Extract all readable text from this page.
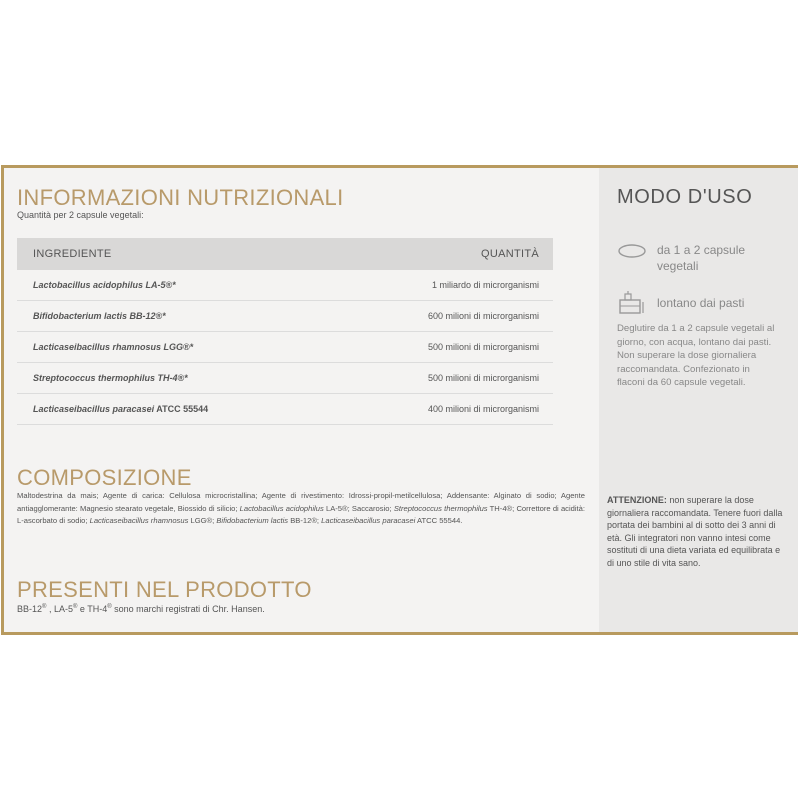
INFORMAZIONI NUTRIZIONALI

Quantità per 2 capsule vegetali:

INGREDIENTE	QUANTITÀ
Lactobacillus acidophilus LA-5®*	1 miliardo di microrganismi
Bifidobacterium lactis BB-12®*	600 milioni di microrganismi
Lacticaseibacillus rhamnosus LGG®*	500 milioni di microrganismi
Streptococcus thermophilus TH-4®*	500 milioni di microrganismi
Lacticaseibacillus paracasei ATCC 55544	400 milioni di microrganismi
COMPOSIZIONE

Maltodestrina da mais; Agente di carica: Cellulosa microcristallina; Agente di rivestimento: Idrossi-propil-metilcellulosa; Addensante: Alginato di sodio; Agente antiagglomerante: Magnesio stearato vegetale, Biossido di silicio; Lactobacillus acidophilus LA-5®; Saccarosio; Streptococcus thermophilus TH-4®; Correttore di acidità: L-ascorbato di sodio; Lacticaseibacillus rhamnosus LGG®; Bifidobacterium lactis BB-12®; Lacticaseibacillus paracasei ATCC 55544.

PRESENTI NEL PRODOTTO

BB-12® , LA-5® e TH-4® sono marchi registrati di Chr. Hansen.

MODO D'USO
da 1 a 2 capsule vegetali
lontano dai pasti

Deglutire da 1 a 2 capsule vegetali al giorno, con acqua, lontano dai pasti. Non superare la dose giornaliera raccomandata. Confezionato in flaconi da 60 capsule vegetali.

ATTENZIONE: non superare la dose giornaliera raccomandata. Tenere fuori dalla portata dei bambini al di sotto dei 3 anni di età. Gli integratori non vanno intesi come sostituti di una dieta variata ed equilibrata e di uno stile di vita sano.
